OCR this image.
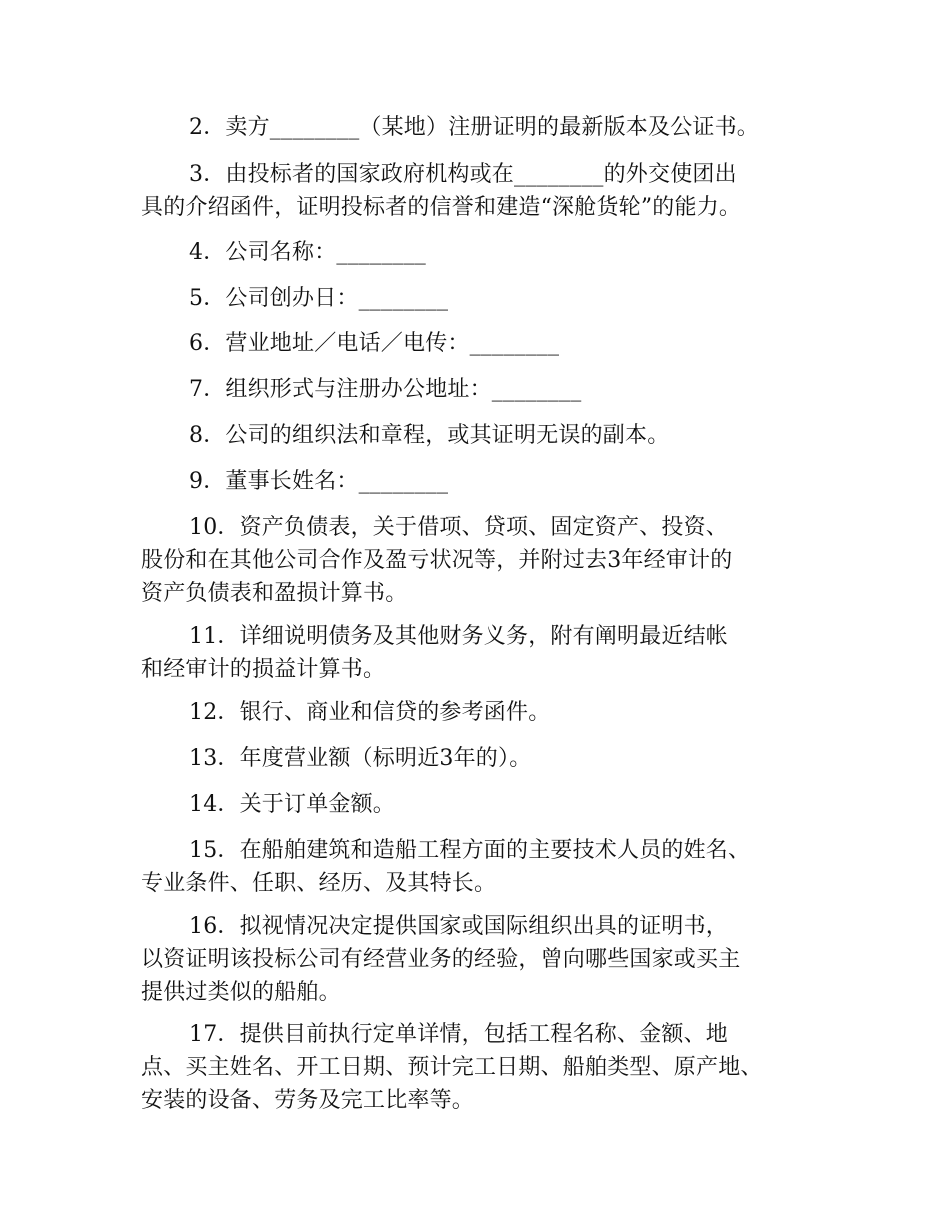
2．卖方________（某地）注册证明的最新版本及公证书。

3．由投标者的国家政府机构或在________的外交使团出
具的介绍函件，证明投标者的信誉和建造“深舱货轮”的能力。

4．公司名称：________

5．公司创办日：________

6．营业地址／电话／电传：________

7．组织形式与注册办公地址：________

8．公司的组织法和章程，或其证明无误的副本。

9．董事长姓名：________

10．资产负债表，关于借项、贷项、固定资产、投资、
股份和在其他公司合作及盈亏状况等，并附过去3年经审计的
资产负债表和盈损计算书。

11．详细说明债务及其他财务义务，附有阐明最近结帐
和经审计的损益计算书。

12．银行、商业和信贷的参考函件。

13．年度营业额（标明近3年的）。

14．关于订单金额。

15．在船舶建筑和造船工程方面的主要技术人员的姓名、
专业条件、任职、经历、及其特长。

16．拟视情况决定提供国家或国际组织出具的证明书，
以资证明该投标公司有经营业务的经验，曾向哪些国家或买主
提供过类似的船舶。

17．提供目前执行定单详情，包括工程名称、金额、地
点、买主姓名、开工日期、预计完工日期、船舶类型、原产地、
安装的设备、劳务及完工比率等。
